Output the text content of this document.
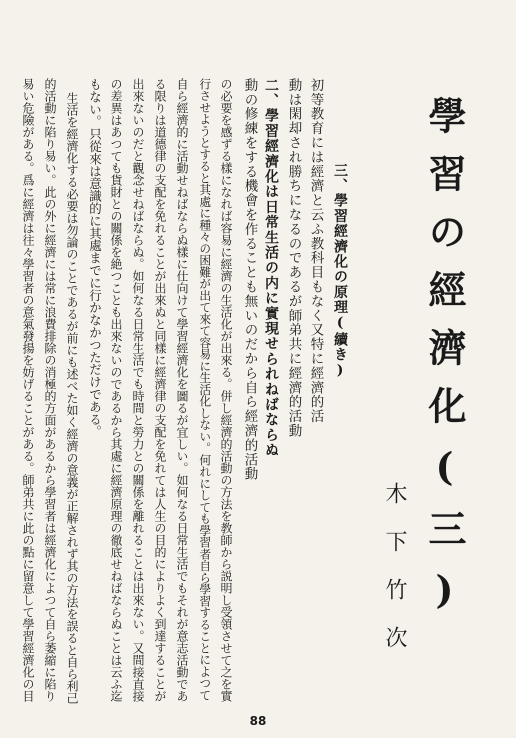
學習の經濟化(三)
木下竹次
三、學習經濟化の原理(續き)
初等教育には經濟と云ふ教科目もなく又特に經濟的活
動は閑却され勝ちになるのであるが師弟共に經濟的活動
二、學習經濟化は日常生活の内に實現せられねばならぬ
動の修練をする機會を作ることも無いのだから自ら經濟的活動
の必要を感ずる樣になれば容易に經濟の生活化が出來る。併し經濟的活動の方法を教師から説明し受領させて之を實
行させようとすると其處に種々の困難が出て來て容易に生活化しない。何れにしても學習者自ら學習することによつて
自ら經濟的に活動せねばならぬ樣に仕向けて學習經濟化を圖るが宜しい。如何なる日常生活でもそれが意志活動であ
る限りは道德律の支配を免れることが出來ぬと同樣に經濟律の支配を免れては人生の目的によりよく到達することが
出來ないのだと觀念せねばならぬ。如何なる日常生活でも時間と勞力との關係を離れることは出來ない。又間接直接
の差異はあつても貨財との關係を絶つことも出來ないのであるから其處に經濟原理の徹底せねばならぬことは云ふ迄
もない。只從來は意識的に其處までに行かなかつただけである。
生活を經濟化する必要は勿論のことであるが前にも述べた如く經濟の意義が正解されず其の方法を誤ると自ら利己
的活動に陷り易い。此の外に經濟には常に浪費排除の消極的方面があるから學習者は經濟化によつて自ら萎縮に陷り
易い危險がある。爲に經濟は往々學習者の意氣發揚を妨げることがある。師弟共に此の點に留意して學習經濟化の目
88
